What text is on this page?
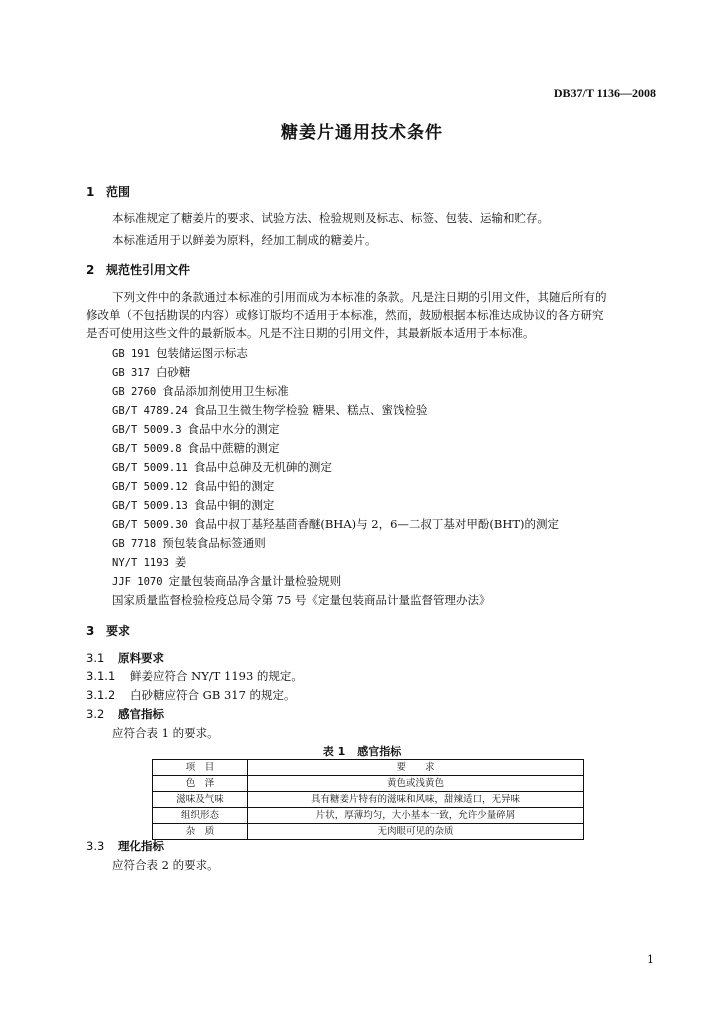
DB37/T 1136—2008
糖姜片通用技术条件
1 范围
本标准规定了糖姜片的要求、试验方法、检验规则及标志、标签、包装、运输和贮存。
本标准适用于以鲜姜为原料，经加工制成的糖姜片。
2 规范性引用文件
下列文件中的条款通过本标准的引用而成为本标准的条款。凡是注日期的引用文件，其随后所有的
修改单（不包括勘误的内容）或修订版均不适用于本标准，然而，鼓励根据本标准达成协议的各方研究
是否可使用这些文件的最新版本。凡是不注日期的引用文件，其最新版本适用于本标准。
GB 191 包装储运图示标志
GB 317 白砂糖
GB 2760 食品添加剂使用卫生标准
GB/T 4789.24 食品卫生微生物学检验 糖果、糕点、蜜饯检验
GB/T 5009.3 食品中水分的测定
GB/T 5009.8 食品中蔗糖的测定
GB/T 5009.11 食品中总砷及无机砷的测定
GB/T 5009.12 食品中铅的测定
GB/T 5009.13 食品中铜的测定
GB/T 5009.30 食品中叔丁基羟基茴香醚(BHA)与 2，6—二叔丁基对甲酚(BHT)的测定
GB 7718 预包装食品标签通则
NY/T 1193 姜
JJF 1070 定量包装商品净含量计量检验规则
国家质量监督检验检疫总局令第 75 号《定量包装商品计量监督管理办法》
3 要求
3.1 原料要求
3.1.1 鲜姜应符合 NY/T 1193 的规定。
3.1.2 白砂糖应符合 GB 317 的规定。
3.2 感官指标
应符合表 1 的要求。
表 1 感官指标
项　目	要　　求
色　泽	黄色或浅黄色
滋味及气味	具有糖姜片特有的滋味和风味，甜辣适口，无异味
组织形态	片状，厚薄均匀，大小基本一致，允许少量碎屑
杂　质	无肉眼可见的杂质
3.3 理化指标
应符合表 2 的要求。
1
